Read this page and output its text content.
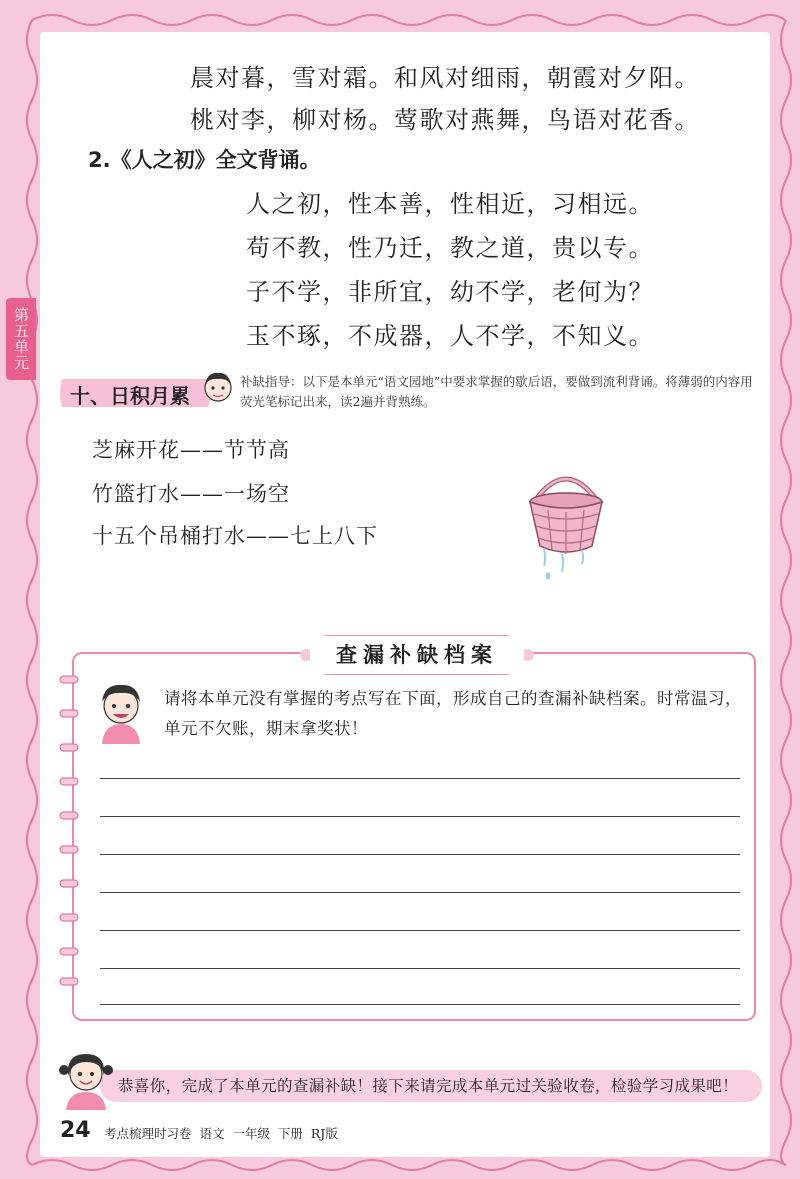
第五单元
晨对暮，雪对霜。和风对细雨，朝霞对夕阳。
桃对李，柳对杨。莺歌对燕舞，鸟语对花香。
2.《人之初》全文背诵。
人之初，性本善，性相近，习相远。
苟不教，性乃迁，教之道，贵以专。
子不学，非所宜，幼不学，老何为？
玉不琢，不成器，人不学，不知义。
十、日积月累
补缺指导：以下是本单元“语文园地”中要求掌握的歇后语，要做到流利背诵。将薄弱的内容用荧光笔标记出来，读2遍并背熟练。
芝麻开花——节节高
竹篮打水——一场空
十五个吊桶打水——七上八下
查漏补缺档案
请将本单元没有掌握的考点写在下面，形成自己的查漏补缺档案。时常温习，单元不欠账，期末拿奖状！
恭喜你，完成了本单元的查漏补缺！接下来请完成本单元过关验收卷，检验学习成果吧！
24 考点梳理时习卷 语文 一年级 下册 RJ版
